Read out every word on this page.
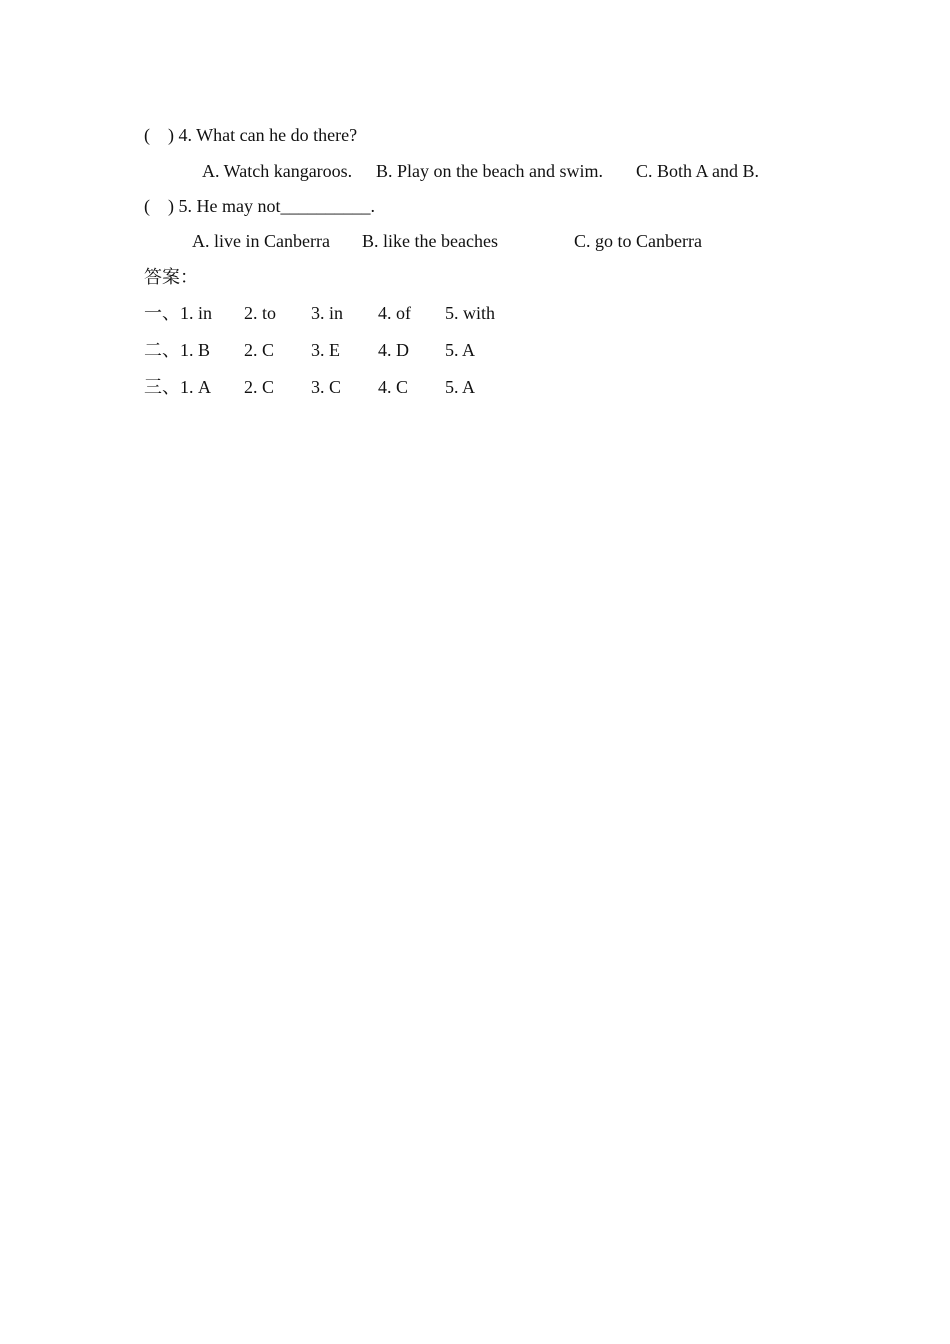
(    ) 4. What can he do there?

A. Watch kangaroos.

B. Play on the beach and swim.

C. Both A and B.

(    ) 5. He may not__________.

A. live in Canberra

B. like the beaches

	C. go to Canberra

答案：

一、1. in

2. to

3. in

4. of

5. with

二、1. B

2. C

3. E

4. D

5. A

三、1. A

2. C

3. C

4. C

5. A
